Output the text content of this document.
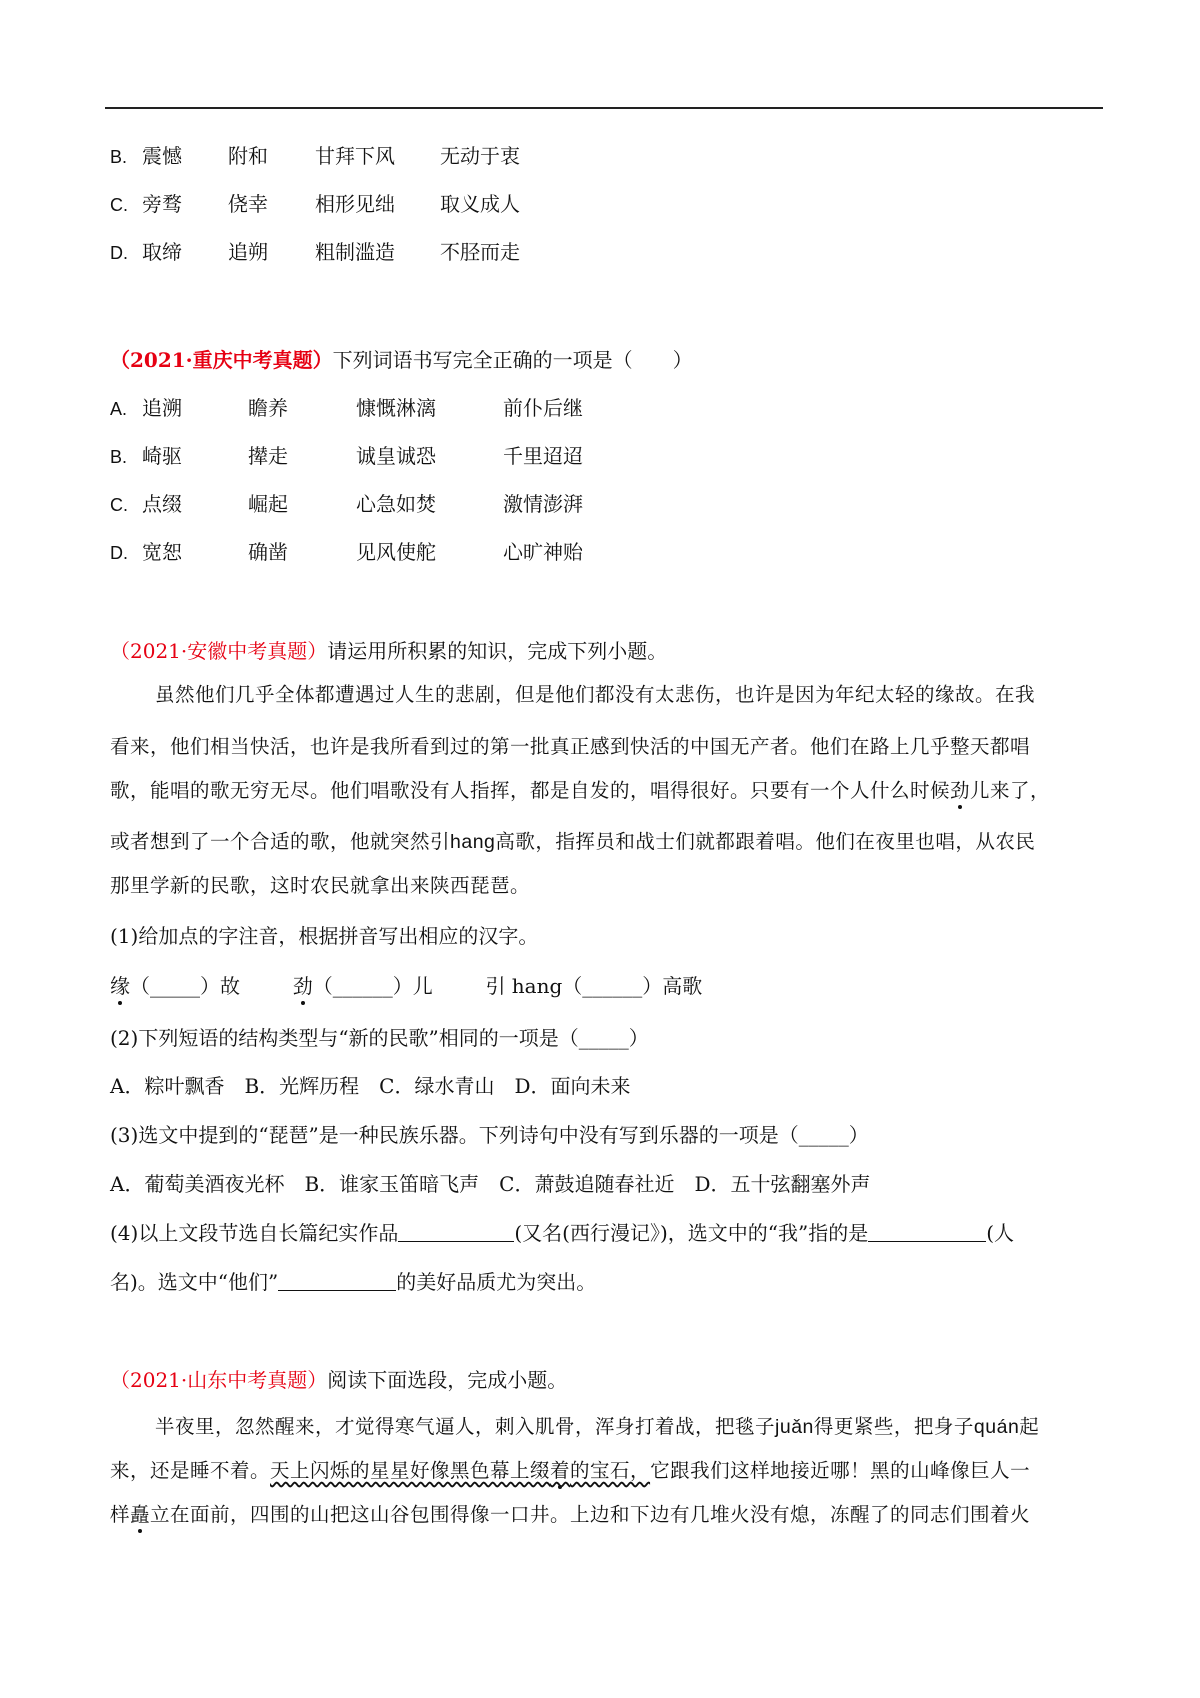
B. 震憾 附和 甘拜下风 无动于衷
C. 旁骛 侥幸 相形见绌 取义成人
D. 取缔 追朔 粗制滥造 不胫而走
（2021·重庆中考真题）下列词语书写完全正确的一项是（　　）
A. 追溯	瞻养	慷慨淋漓	前仆后继
B. 崎驱	撵走	诚皇诚恐	千里迢迢
C. 点缀	崛起	心急如焚	激情澎湃
D. 宽恕	确凿	见风使舵	心旷神贻
（2021·安徽中考真题）请运用所积累的知识，完成下列小题。
虽然他们几乎全体都遭遇过人生的悲剧，但是他们都没有太悲伤，也许是因为年纪太轻的缘故。在我
看来，他们相当快活，也许是我所看到过的第一批真正感到快活的中国无产者。他们在路上几乎整天都唱
歌，能唱的歌无穷无尽。他们唱歌没有人指挥，都是自发的，唱得很好。只要有一个人什么时候劲儿来了，
或者想到了一个合适的歌，他就突然引hang高歌，指挥员和战士们就都跟着唱。他们在夜里也唱，从农民
那里学新的民歌，这时农民就拿出来陕西琵琶。
(1)给加点的字注音，根据拼音写出相应的汉字。
缘（_____）故	劲（______）儿	引 hang（______）高歌
(2)下列短语的结构类型与“新的民歌”相同的一项是（_____）
A．粽叶飘香　B．光辉历程　C．绿水青山　D．面向未来
(3)选文中提到的“琵琶”是一种民族乐器。下列诗句中没有写到乐器的一项是（_____）
A．葡萄美酒夜光杯　B．谁家玉笛暗飞声　C．萧鼓追随春社近　D．五十弦翻塞外声
(4)以上文段节选自长篇纪实作品	(又名(西行漫记》)，选文中的“我”指的是	(人
名)。选文中“他们”	的美好品质尤为突出。
（2021·山东中考真题）阅读下面选段，完成小题。
半夜里，忽然醒来，才觉得寒气逼人，刺入肌骨，浑身打着战，把毯子juǎn得更紧些，把身子quán起
来，还是睡不着。天上闪烁的星星好像黑色幕上缀着的宝石，它跟我们这样地接近哪！黑的山峰像巨人一
样矗立在面前，四围的山把这山谷包围得像一口井。上边和下边有几堆火没有熄，冻醒了的同志们围着火
